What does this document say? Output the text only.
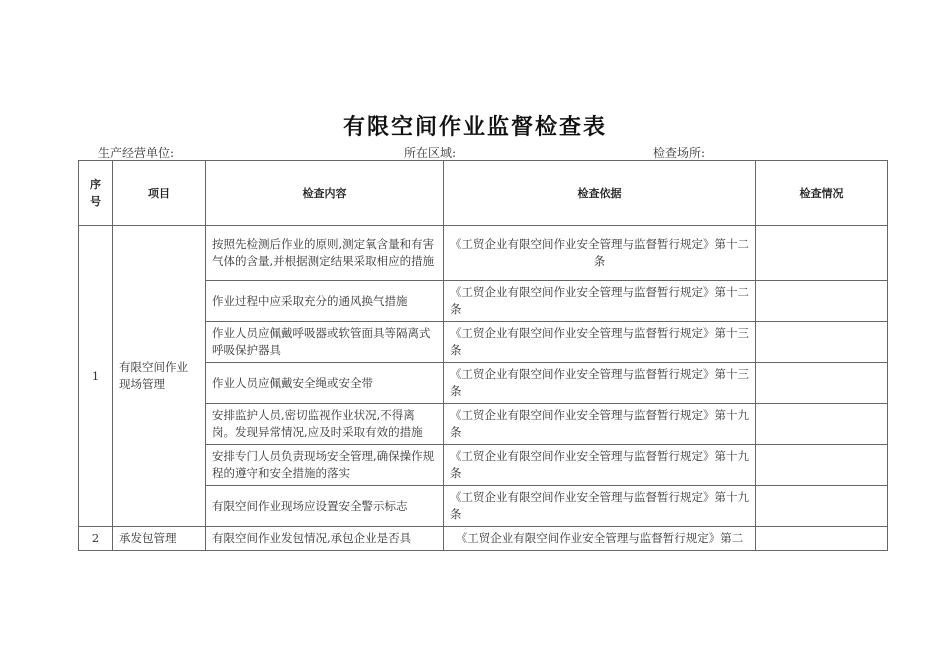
有限空间作业监督检查表
生产经营单位:	所在区域:	检查场所:
序号	项目	检查内容	检查依据	检查情况
1	有限空间作业现场管理	按照先检测后作业的原则,测定氧含量和有害气体的含量,并根据测定结果采取相应的措施	《工贸企业有限空间作业安全管理与监督暂行规定》第十二条	
		作业过程中应采取充分的通风换气措施	《工贸企业有限空间作业安全管理与监督暂行规定》第十二条	
		作业人员应佩戴呼吸器或软管面具等隔离式呼吸保护器具	《工贸企业有限空间作业安全管理与监督暂行规定》第十三条	
		作业人员应佩戴安全绳或安全带	《工贸企业有限空间作业安全管理与监督暂行规定》第十三条	
		安排监护人员,密切监视作业状况,不得离岗。发现异常情况,应及时采取有效的措施	《工贸企业有限空间作业安全管理与监督暂行规定》第十九条	
		安排专门人员负责现场安全管理,确保操作规程的遵守和安全措施的落实	《工贸企业有限空间作业安全管理与监督暂行规定》第十九条	
		有限空间作业现场应设置安全警示标志	《工贸企业有限空间作业安全管理与监督暂行规定》第十九条	
2	承发包管理	有限空间作业发包情况,承包企业是否具	《工贸企业有限空间作业安全管理与监督暂行规定》第二	
